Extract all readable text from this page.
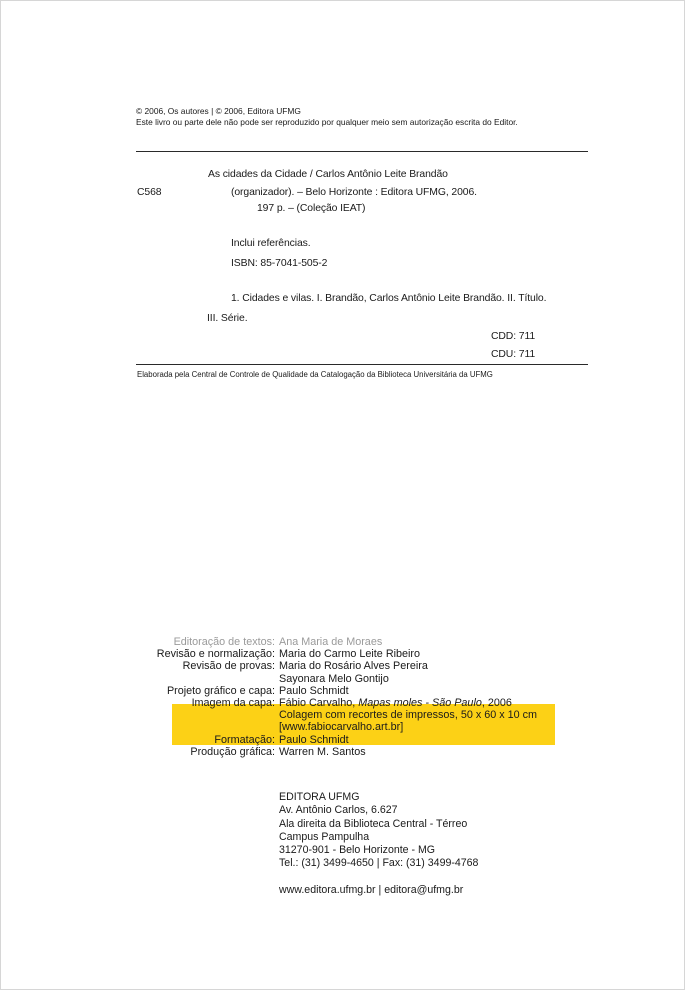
© 2006, Os autores | © 2006, Editora UFMG
Este livro ou parte dele não pode ser reproduzido por qualquer meio sem autorização escrita do Editor.
As cidades da Cidade / Carlos Antônio Leite Brandão
C568	(organizador). – Belo Horizonte : Editora UFMG, 2006.
197 p. – (Coleção IEAT)
Inclui referências.
ISBN: 85-7041-505-2
1. Cidades e vilas. I. Brandão, Carlos Antônio Leite Brandão. II. Título.
III. Série.
CDD: 711
CDU: 711
Elaborada pela Central de Controle de Qualidade da Catalogação da Biblioteca Universitária da UFMG
Editoração de textos: Ana Maria de Moraes
Revisão e normalização: Maria do Carmo Leite Ribeiro
Revisão de provas: Maria do Rosário Alves Pereira
Sayonara Melo Gontijo
Projeto gráfico e capa: Paulo Schmidt
Imagem da capa: Fábio Carvalho, Mapas moles - São Paulo, 2006
Colagem com recortes de impressos, 50 x 60 x 10 cm
[www.fabiocarvalho.art.br]
Formatação: Paulo Schmidt
Produção gráfica: Warren M. Santos
EDITORA UFMG
Av. Antônio Carlos, 6.627
Ala direita da Biblioteca Central - Térreo
Campus Pampulha
31270-901 - Belo Horizonte - MG
Tel.: (31) 3499-4650 | Fax: (31) 3499-4768
www.editora.ufmg.br | editora@ufmg.br
